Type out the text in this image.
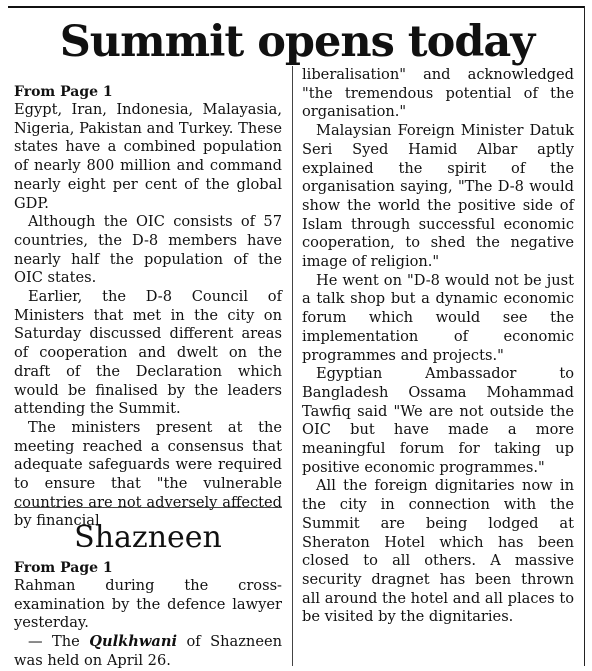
Summit opens today

From Page 1

Egypt, Iran, Indonesia, Malayasia, Nigeria, Pakistan and Turkey. These states have a combined population of nearly 800 million and command nearly eight per cent of the global GDP.

Although the OIC consists of 57 countries, the D-8 members have nearly half the population of the OIC states.

Earlier, the D-8 Council of Ministers that met in the city on Saturday discussed different areas of cooperation and dwelt on the draft of the Declaration which would be finalised by the leaders attending the Summit.

The ministers present at the meeting reached a consensus that adequate safeguards were required to ensure that "the vulnerable countries are not adversely affected by financial

liberalisation" and acknowledged "the tremendous potential of the organisation."

Malaysian Foreign Minister Datuk Seri Syed Hamid Albar aptly explained the spirit of the organisation saying, "The D-8 would show the world the positive side of Islam through successful economic cooperation, to shed the negative image of religion."

He went on "D-8 would not be just a talk shop but a dynamic economic forum which would see the implementation of economic programmes and projects."

Egyptian Ambassador to Bangladesh Ossama Mohammad Tawfiq said "We are not outside the OIC but have made a more meaningful forum for taking up positive economic programmes."

All the foreign dignitaries now in the city in connection with the Summit are being lodged at Sheraton Hotel which has been closed to all others. A massive security dragnet has been thrown all around the hotel and all places to be visited by the dignitaries.

Shazneen

From Page 1

Rahman during the cross-examination by the defence lawyer yesterday.

— The Qulkhwani of Shazneen was held on April 26.
